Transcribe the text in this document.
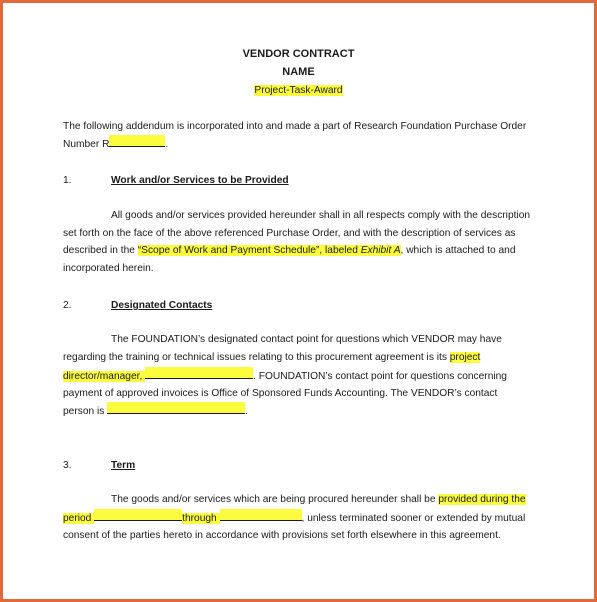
VENDOR CONTRACT
NAME
Project-Task-Award
The following addendum is incorporated into and made a part of Research Foundation Purchase Order
Number R	.
1.	Work and/or Services to be Provided
All goods and/or services provided hereunder shall in all respects comply with the description
set forth on the face of the above referenced Purchase Order, and with the description of services as
described in the “Scope of Work and Payment Schedule”, labeled Exhibit A, which is attached to and
incorporated herein.
2.	Designated Contacts
The FOUNDATION’s designated contact point for questions which VENDOR may have
regarding the training or technical issues relating to this procurement agreement is its project
director/manager,	. FOUNDATION’s contact point for questions concerning
payment of approved invoices is Office of Sponsored Funds Accounting. The VENDOR’s contact
person is	.
3.	Term
The goods and/or services which are being procured hereunder shall be provided during the
period	through	, unless terminated sooner or extended by mutual
consent of the parties hereto in accordance with provisions set forth elsewhere in this agreement.
